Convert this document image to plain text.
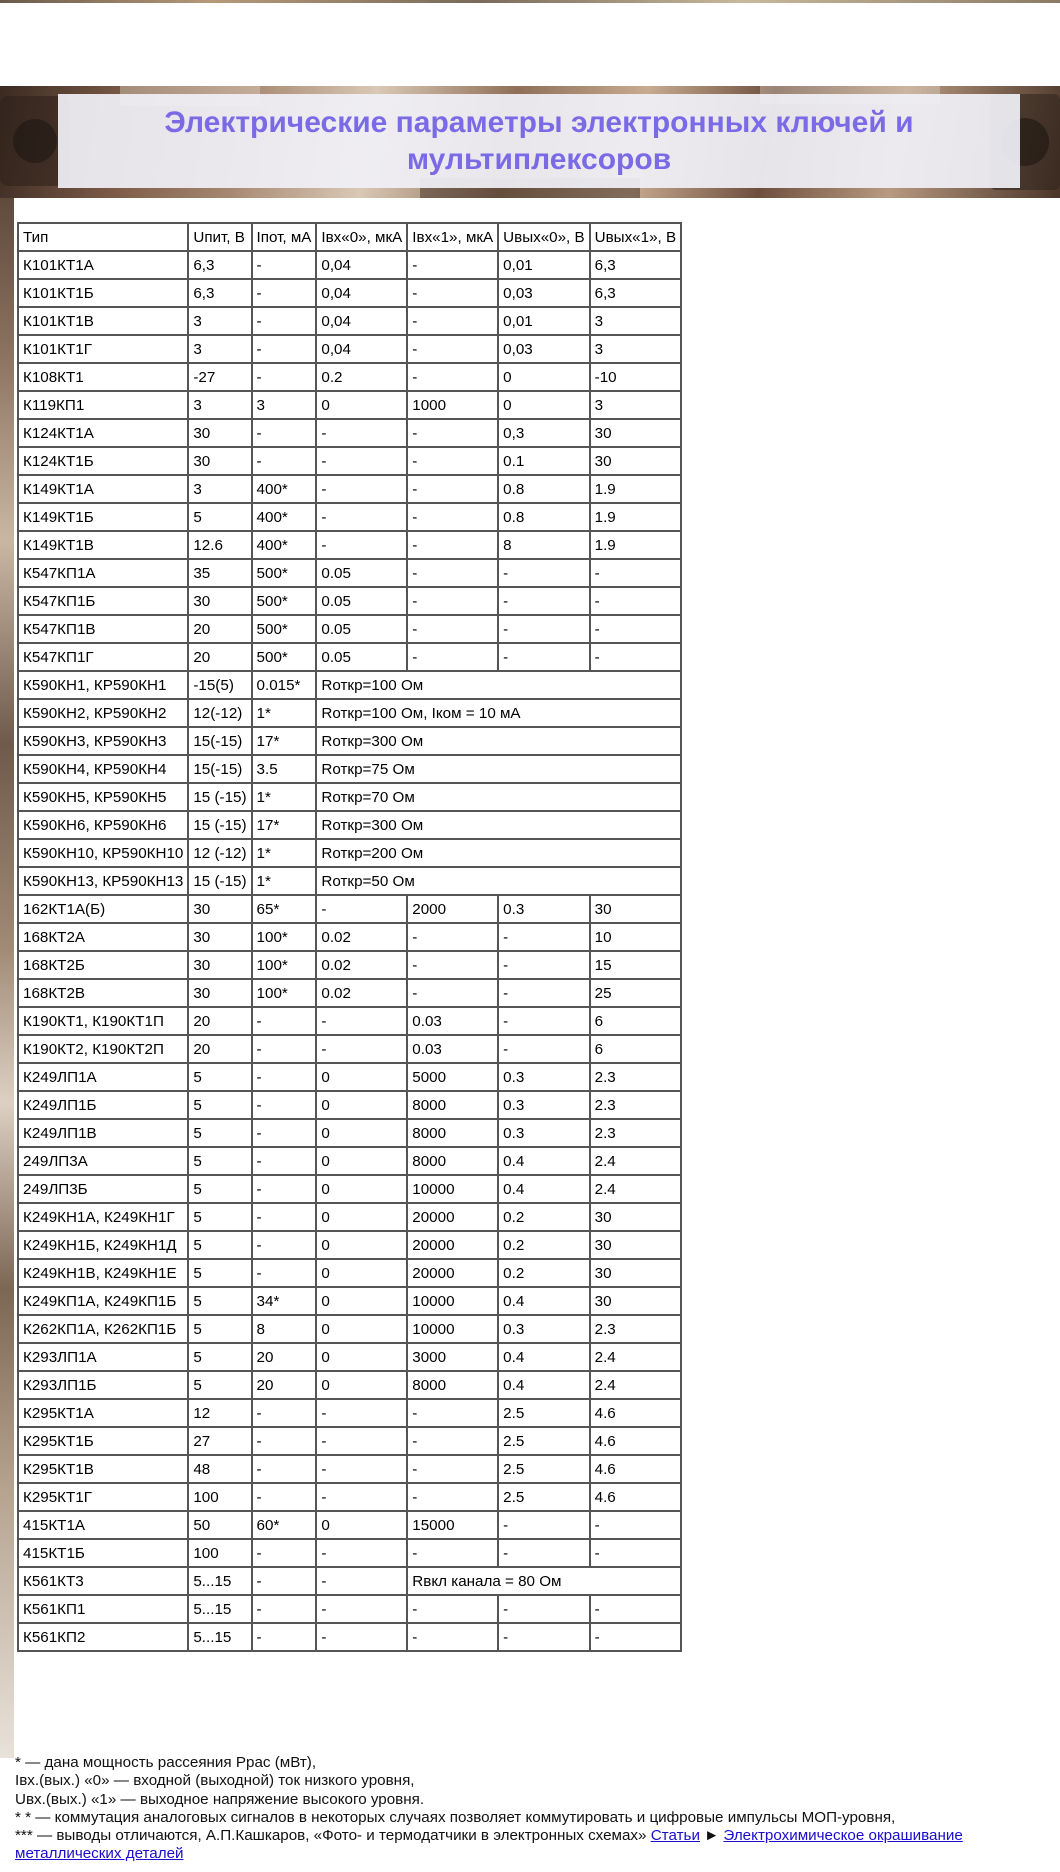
Электрические параметры электронных ключей и мультиплексоров
Тип	Uпит, В	Iпот, мА	Iвх«0», мкА	Iвх«1», мкА	Uвых«0», В	Uвых«1», В
К101КТ1А	6,3	-	0,04	-	0,01	6,3
К101КТ1Б	6,3	-	0,04	-	0,03	6,3
К101КТ1В	3	-	0,04	-	0,01	3
К101КТ1Г	3	-	0,04	-	0,03	3
К108КТ1	-27	-	0.2	-	0	-10
К119КП1	3	3	0	1000	0	3
К124КТ1А	30	-	-	-	0,3	30
К124КТ1Б	30	-	-	-	0.1	30
К149КТ1А	3	400*	-	-	0.8	1.9
К149КТ1Б	5	400*	-	-	0.8	1.9
К149КТ1В	12.6	400*	-	-	8	1.9
К547КП1А	35	500*	0.05	-	-	-
К547КП1Б	30	500*	0.05	-	-	-
К547КП1В	20	500*	0.05	-	-	-
К547КП1Г	20	500*	0.05	-	-	-
К590КН1, КР590КН1	-15(5)	0.015*	Rоткр=100 Ом			
К590КН2, КР590КН2	12(-12)	1*	Rоткр=100 Ом, Iком = 10 мА			
К590КН3, КР590КН3	15(-15)	17*	Rоткр=300 Ом			
К590КН4, КР590КН4	15(-15)	3.5	Rоткр=75 Ом			
К590КН5, КР590КН5	15 (-15)	1*	Rоткр=70 Ом			
К590КН6, КР590КН6	15 (-15)	17*	Rоткр=300 Ом			
К590КН10, КР590КН10	12 (-12)	1*	Rоткр=200 Ом			
К590КН13, КР590КН13	15 (-15)	1*	Rоткр=50 Ом			
162КТ1А(Б)	30	65*	-	2000	0.3	30
168КТ2А	30	100*	0.02	-	-	10
168КТ2Б	30	100*	0.02	-	-	15
168КТ2В	30	100*	0.02	-	-	25
К190КТ1, К190КТ1П	20	-	-	0.03	-	6
К190КТ2, К190КТ2П	20	-	-	0.03	-	6
К249ЛП1А	5	-	0	5000	0.3	2.3
К249ЛП1Б	5	-	0	8000	0.3	2.3
К249ЛП1В	5	-	0	8000	0.3	2.3
249ЛП3А	5	-	0	8000	0.4	2.4
249ЛП3Б	5	-	0	10000	0.4	2.4
К249КН1А, К249КН1Г	5	-	0	20000	0.2	30
К249КН1Б, К249КН1Д	5	-	0	20000	0.2	30
К249КН1В, К249КН1Е	5	-	0	20000	0.2	30
К249КП1А, К249КП1Б	5	34*	0	10000	0.4	30
К262КП1А, К262КП1Б	5	8	0	10000	0.3	2.3
К293ЛП1А	5	20	0	3000	0.4	2.4
К293ЛП1Б	5	20	0	8000	0.4	2.4
К295КТ1А	12	-	-	-	2.5	4.6
К295КТ1Б	27	-	-	-	2.5	4.6
К295КТ1В	48	-	-	-	2.5	4.6
К295КТ1Г	100	-	-	-	2.5	4.6
415КТ1А	50	60*	0	15000	-	-
415КТ1Б	100	-	-	-	-	-
К561КТ3	5...15	-	-	Rвкл канала = 80 Ом		
К561КП1	5...15	-	-	-	-	-
К561КП2	5...15	-	-	-	-	-

* — дана мощность рассеяния Ррас (мВт),

Iвх.(вых.) «0» — входной (выходной) ток низкого уровня,

Uвх.(вых.) «1» — выходное напряжение высокого уровня.

* * — коммутация аналоговых сигналов в некоторых случаях позволяет коммутировать и цифровые импульсы МОП-уровня,

*** — выводы отличаются, А.П.Кашкаров, «Фото- и термодатчики в электронных схемах» Статьи ► Электрохимическое окрашивание металлических деталей
